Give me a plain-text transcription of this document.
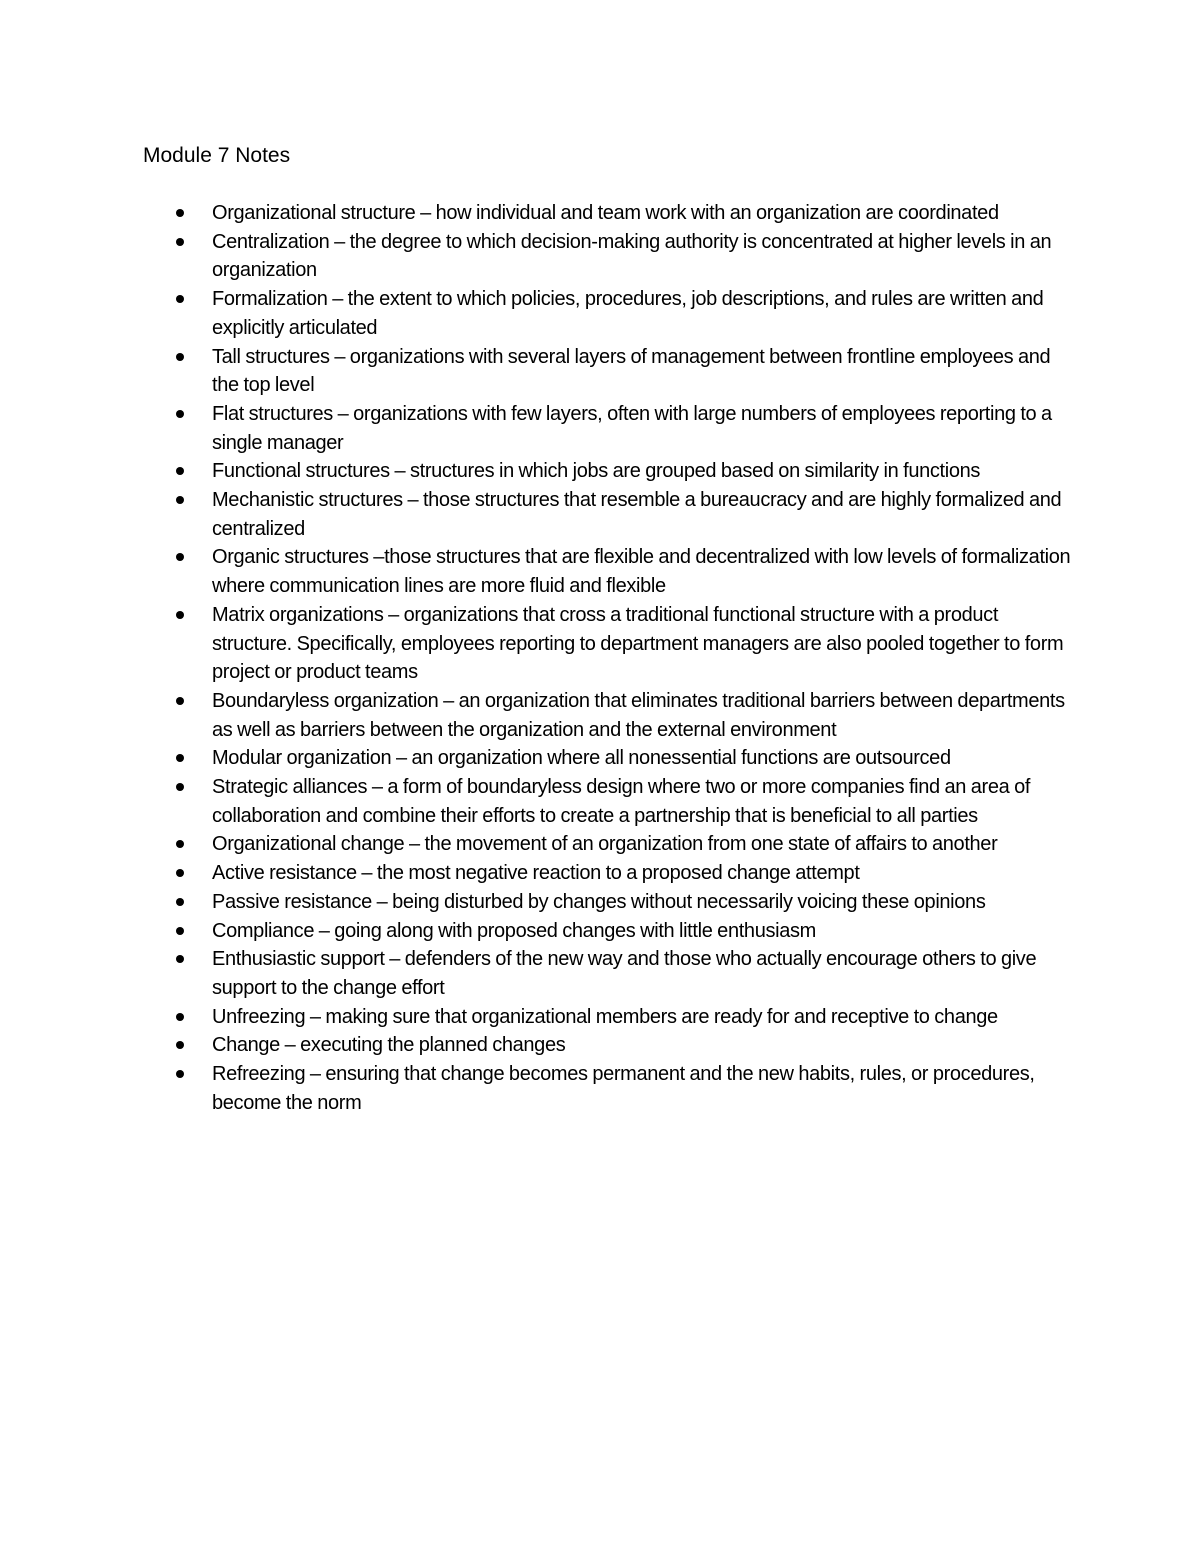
Module 7 Notes
Organizational structure – how individual and team work with an organization are coordinated
Centralization – the degree to which decision-making authority is concentrated at higher levels in an organization
Formalization – the extent to which policies, procedures, job descriptions, and rules are written and explicitly articulated
Tall structures – organizations with several layers of management between frontline employees and the top level
Flat structures – organizations with few layers, often with large numbers of employees reporting to a single manager
Functional structures – structures in which jobs are grouped based on similarity in functions
Mechanistic structures – those structures that resemble a bureaucracy and are highly formalized and centralized
Organic structures –those structures that are flexible and decentralized with low levels of formalization where communication lines are more fluid and flexible
Matrix organizations – organizations that cross a traditional functional structure with a product structure. Specifically, employees reporting to department managers are also pooled together to form project or product teams
Boundaryless organization – an organization that eliminates traditional barriers between departments as well as barriers between the organization and the external environment
Modular organization – an organization where all nonessential functions are outsourced
Strategic alliances – a form of boundaryless design where two or more companies find an area of collaboration and combine their efforts to create a partnership that is beneficial to all parties
Organizational change – the movement of an organization from one state of affairs to another
Active resistance – the most negative reaction to a proposed change attempt
Passive resistance – being disturbed by changes without necessarily voicing these opinions
Compliance – going along with proposed changes with little enthusiasm
Enthusiastic support – defenders of the new way and those who actually encourage others to give support to the change effort
Unfreezing – making sure that organizational members are ready for and receptive to change
Change – executing the planned changes
Refreezing – ensuring that change becomes permanent and the new habits, rules, or procedures, become the norm
